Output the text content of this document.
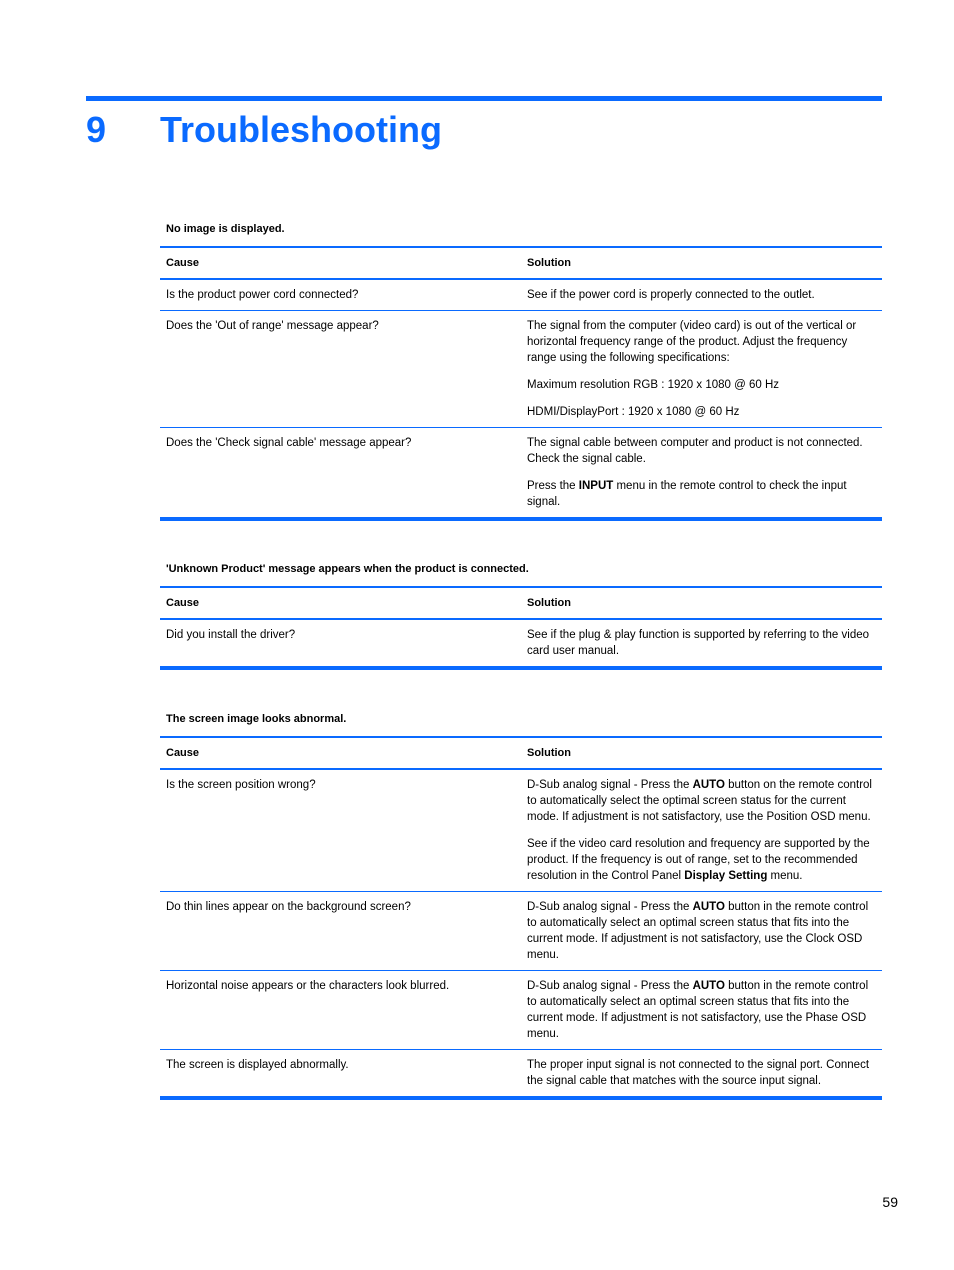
9 Troubleshooting
No image is displayed.
Cause	Solution
Is the product power cord connected?	See if the power cord is properly connected to the outlet.

Does the 'Out of range' message appear?	The signal from the computer (video card) is out of the vertical or horizontal frequency range of the product. Adjust the frequency range using the following specifications:
Maximum resolution RGB : 1920 x 1080 @ 60 Hz
HDMI/DisplayPort : 1920 x 1080 @ 60 Hz

Does the 'Check signal cable' message appear?	The signal cable between computer and product is not connected. Check the signal cable.
Press the INPUT menu in the remote control to check the input signal.
'Unknown Product' message appears when the product is connected.
Cause	Solution
Did you install the driver?	See if the plug & play function is supported by referring to the video card user manual.
The screen image looks abnormal.
Cause	Solution
Is the screen position wrong?	D-Sub analog signal - Press the AUTO button on the remote control to automatically select the optimal screen status for the current mode. If adjustment is not satisfactory, use the Position OSD menu.
See if the video card resolution and frequency are supported by the product. If the frequency is out of range, set to the recommended resolution in the Control Panel Display Setting menu.

Do thin lines appear on the background screen?	D-Sub analog signal - Press the AUTO button in the remote control to automatically select an optimal screen status that fits into the current mode. If adjustment is not satisfactory, use the Clock OSD menu.

Horizontal noise appears or the characters look blurred.	D-Sub analog signal - Press the AUTO button in the remote control to automatically select an optimal screen status that fits into the current mode. If adjustment is not satisfactory, use the Phase OSD menu.

The screen is displayed abnormally.	The proper input signal is not connected to the signal port. Connect the signal cable that matches with the source input signal.
59
